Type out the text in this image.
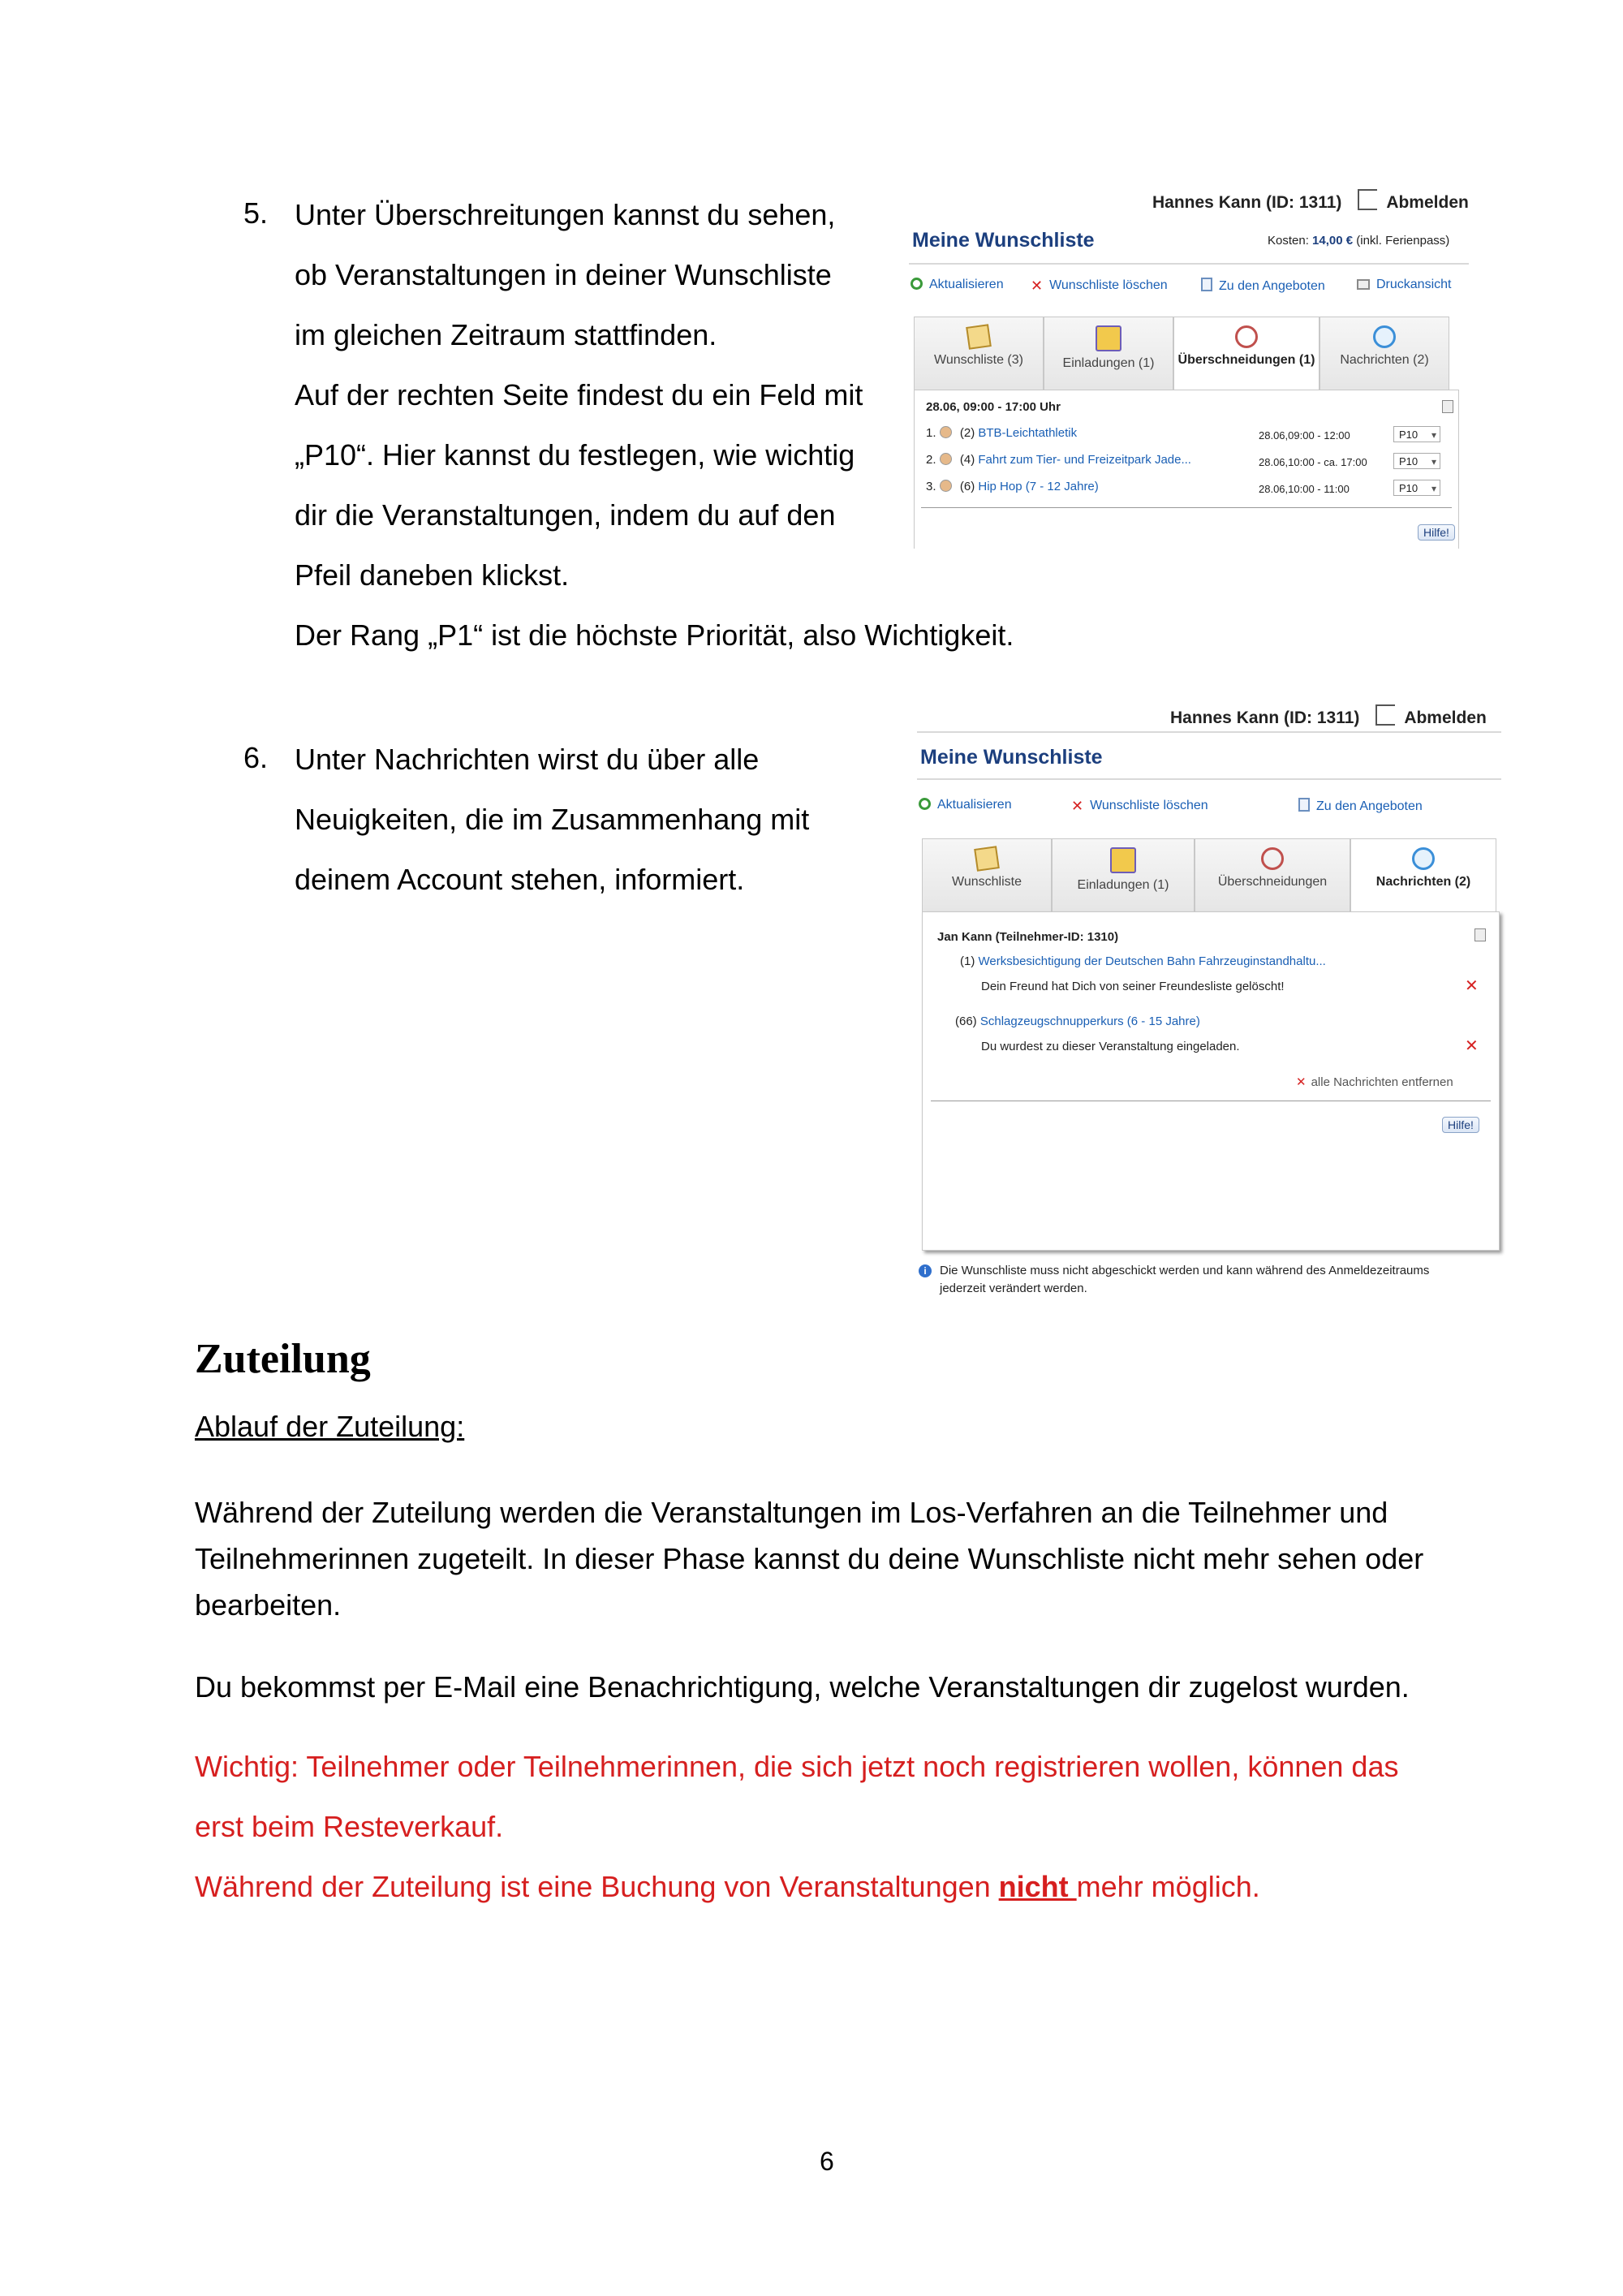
5. Unter Überschreitungen kannst du sehen,
ob Veranstaltungen in deiner Wunschliste
im gleichen Zeitraum stattfinden.
Auf der rechten Seite findest du ein Feld mit
„P10“. Hier kannst du festlegen, wie wichtig
dir die Veranstaltungen, indem du auf den
Pfeil daneben klickst.
Der Rang „P1“ ist die höchste Priorität, also Wichtigkeit.
Hannes Kann (ID: 1311)	Abmelden
Meine Wunschliste	Kosten: 14,00 € (inkl. Ferienpass)
Aktualisieren ✕ Wunschliste löschen	Zu den Angeboten	Druckansicht
Wunschliste (3)	Einladungen (1)	Überschneidungen (1)	Nachrichten (2)
28.06, 09:00 - 17:00 Uhr
1. (2) BTB-Leichtathletik	28.06,09:00 - 12:00	P10 ▾
2. (4) Fahrt zum Tier- und Freizeitpark Jade...	28.06,10:00 - ca. 17:00	P10 ▾
3. (6) Hip Hop (7 - 12 Jahre)	28.06,10:00 - 11:00	P10 ▾
Hilfe!
6. Unter Nachrichten wirst du über alle
Neuigkeiten, die im Zusammenhang mit
deinem Account stehen, informiert.
Hannes Kann (ID: 1311)	Abmelden
Meine Wunschliste
Aktualisieren	✕ Wunschliste löschen	Zu den Angeboten
Wunschliste	Einladungen (1)	Überschneidungen	Nachrichten (2)
Jan Kann (Teilnehmer-ID: 1310)
(1) Werksbesichtigung der Deutschen Bahn Fahrzeuginstandhaltu...
Dein Freund hat Dich von seiner Freundesliste gelöscht!	✕
(66) Schlagzeugschnupperkurs (6 - 15 Jahre)
Du wurdest zu dieser Veranstaltung eingeladen.	✕
✕ alle Nachrichten entfernen
Hilfe!
i Die Wunschliste muss nicht abgeschickt werden und kann während des Anmeldezeitraums
jederzeit verändert werden.
Zuteilung
Ablauf der Zuteilung:
Während der Zuteilung werden die Veranstaltungen im Los-Verfahren an die Teilnehmer und Teilnehmerinnen zugeteilt. In dieser Phase kannst du deine Wunschliste nicht mehr sehen oder bearbeiten.
Du bekommst per E-Mail eine Benachrichtigung, welche Veranstaltungen dir zugelost wurden.
Wichtig: Teilnehmer oder Teilnehmerinnen, die sich jetzt noch registrieren wollen, können das
erst beim Resteverkauf.
Während der Zuteilung ist eine Buchung von Veranstaltungen nicht mehr möglich.
6
